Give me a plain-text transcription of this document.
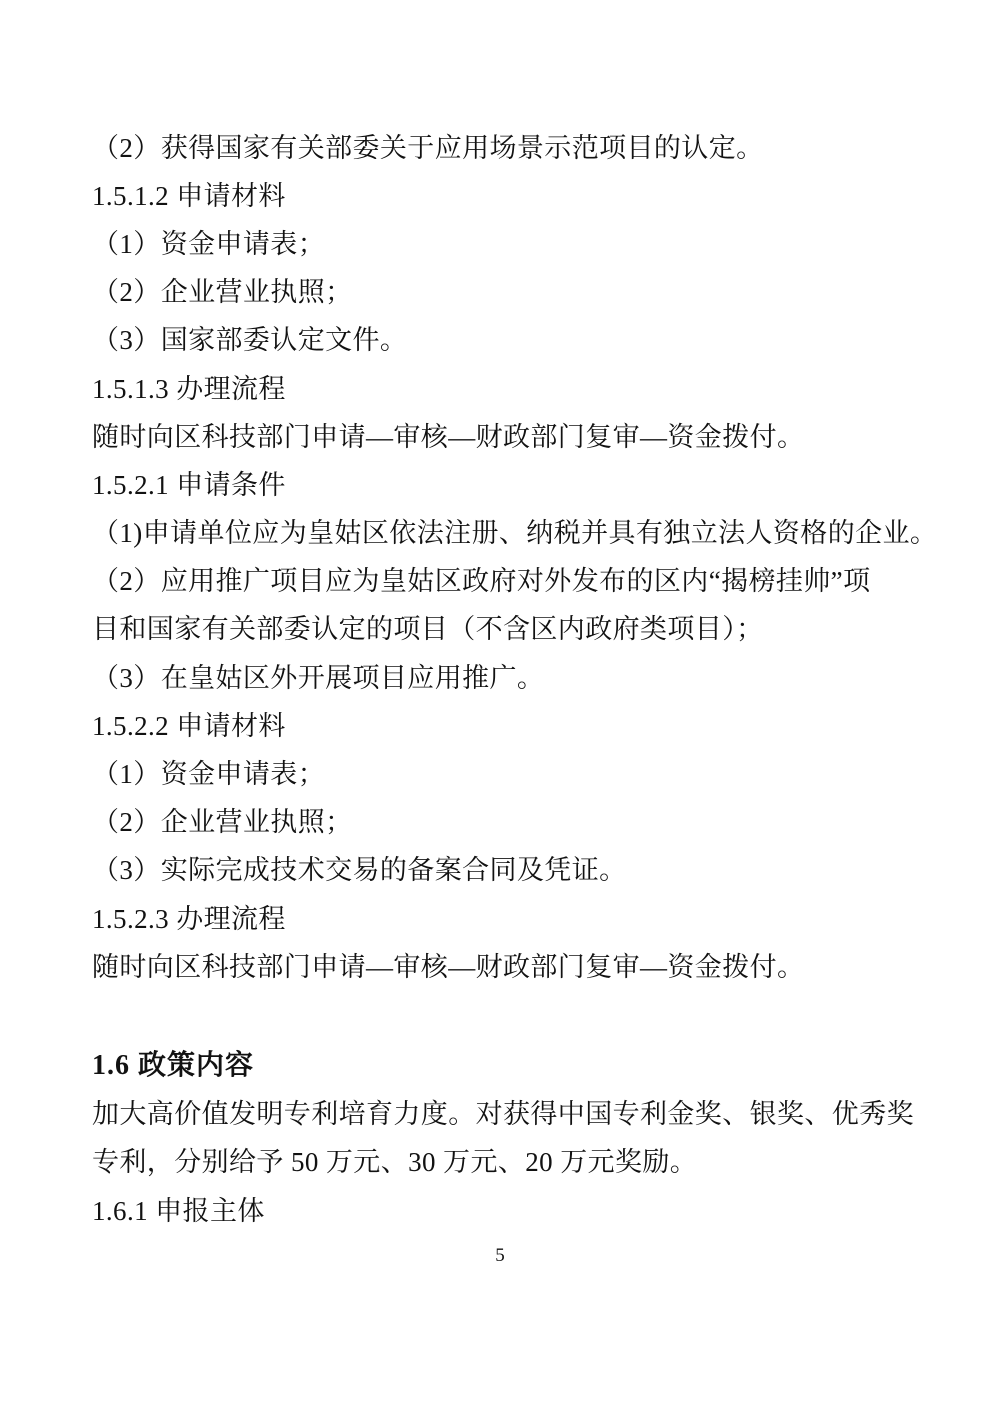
（2）获得国家有关部委关于应用场景示范项目的认定。
1.5.1.2 申请材料
（1）资金申请表；
（2）企业营业执照；
（3）国家部委认定文件。
1.5.1.3 办理流程
随时向区科技部门申请—审核—财政部门复审—资金拨付。
1.5.2.1 申请条件
（1)申请单位应为皇姑区依法注册、纳税并具有独立法人资格的企业。
（2）应用推广项目应为皇姑区政府对外发布的区内“揭榜挂帅”项
目和国家有关部委认定的项目（不含区内政府类项目）；
（3）在皇姑区外开展项目应用推广。
1.5.2.2 申请材料
（1）资金申请表；
（2）企业营业执照；
（3）实际完成技术交易的备案合同及凭证。
1.5.2.3 办理流程
随时向区科技部门申请—审核—财政部门复审—资金拨付。
1.6 政策内容
加大高价值发明专利培育力度。对获得中国专利金奖、银奖、优秀奖
专利，分别给予 50 万元、30 万元、20 万元奖励。
1.6.1 申报主体
5
